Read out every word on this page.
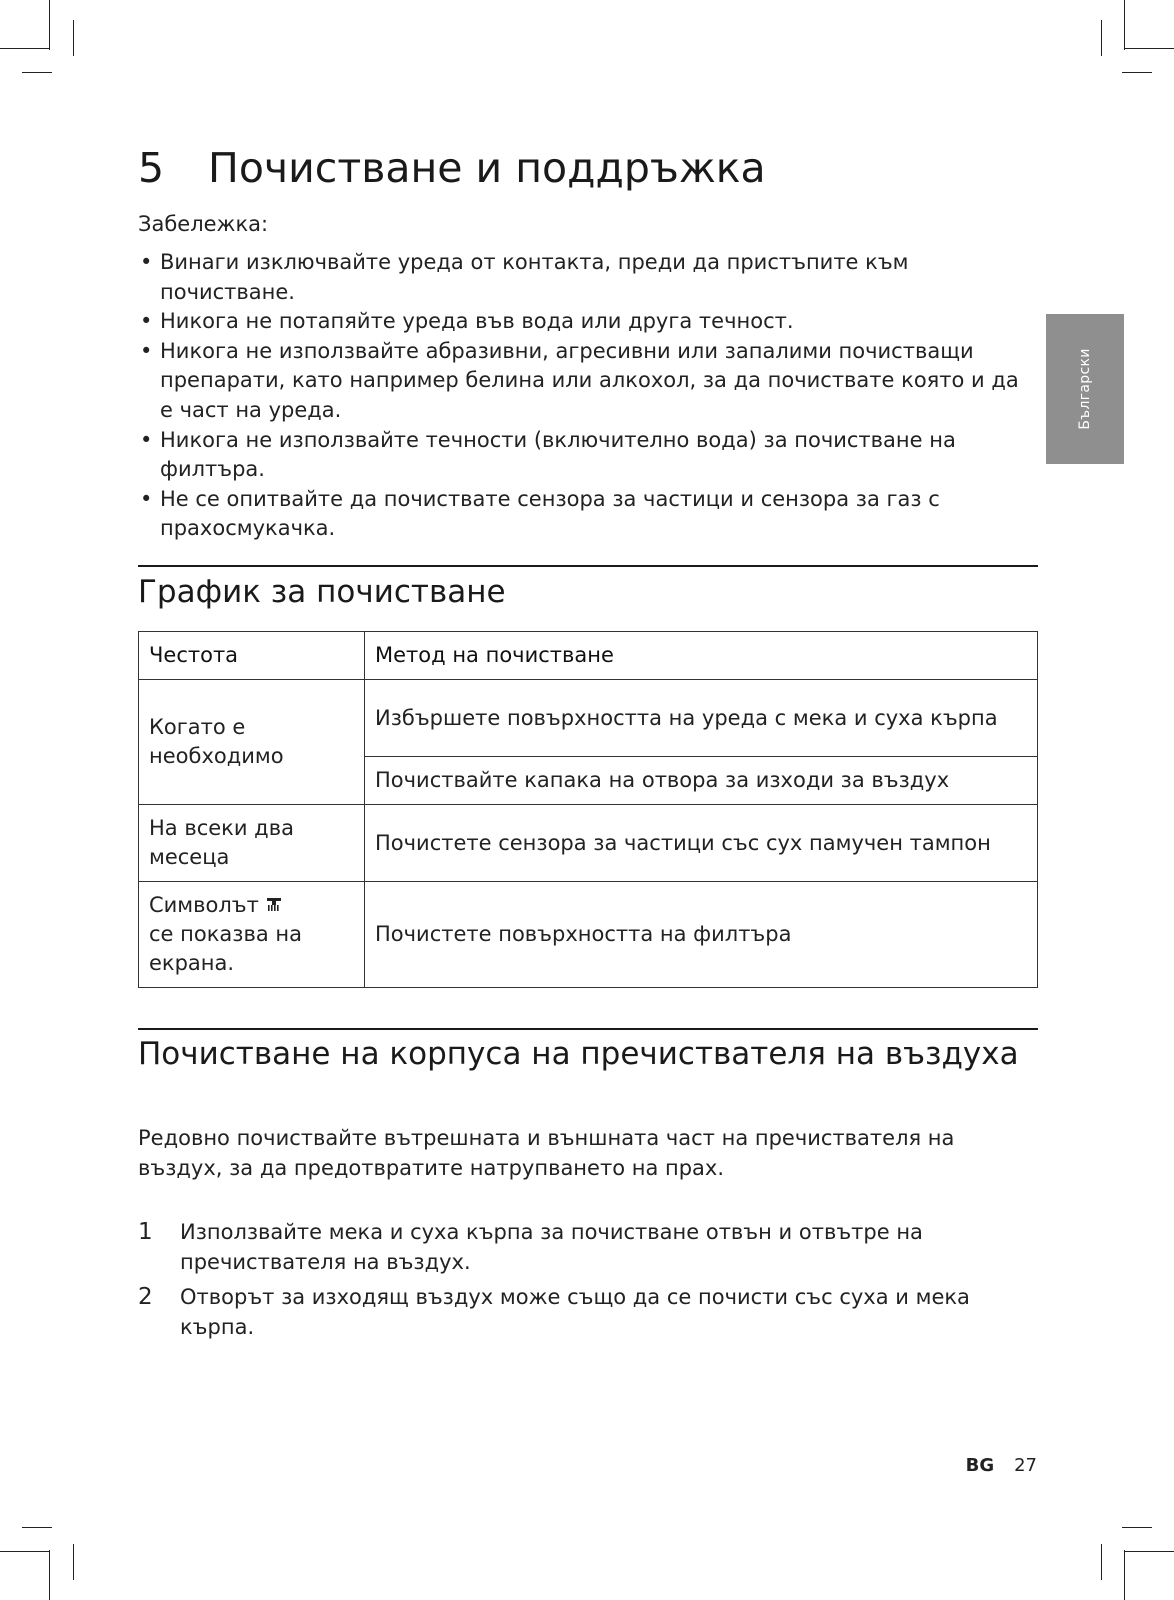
Български
5 Почистване и поддръжка
Забележка:
• Винаги изключвайте уреда от контакта, преди да пристъпите към почистване.
• Никога не потапяйте уреда във вода или друга течност.
• Никога не използвайте абразивни, агресивни или запалими почистващи препарати, като например белина или алкохол, за да почиствате която и да е част на уреда.
• Никога не използвайте течности (включително вода) за почистване на филтъра.
• Не се опитвайте да почиствате сензора за частици и сензора за газ с прахосмукачка.
График за почистване
Честота	Метод на почистване
Когато е необходимо	Избършете повърхността на уреда с мека и суха кърпа
	Почиствайте капака на отвора за изходи за въздух
На всеки два месеца	Почистете сензора за частици със сух памучен тампон
Символът
се показва на екрана.	Почистете повърхността на филтъра
Почистване на корпуса на пречиствателя на въздуха

Редовно почиствайте вътрешната и външната част на пречиствателя на въздух, за да предотвратите натрупването на прах.

1 Използвайте мека и суха кърпа за почистване отвън и отвътре на пречиствателя на въздух.
2 Отворът за изходящ въздух може също да се почисти със суха и мека кърпа.
BG 27
